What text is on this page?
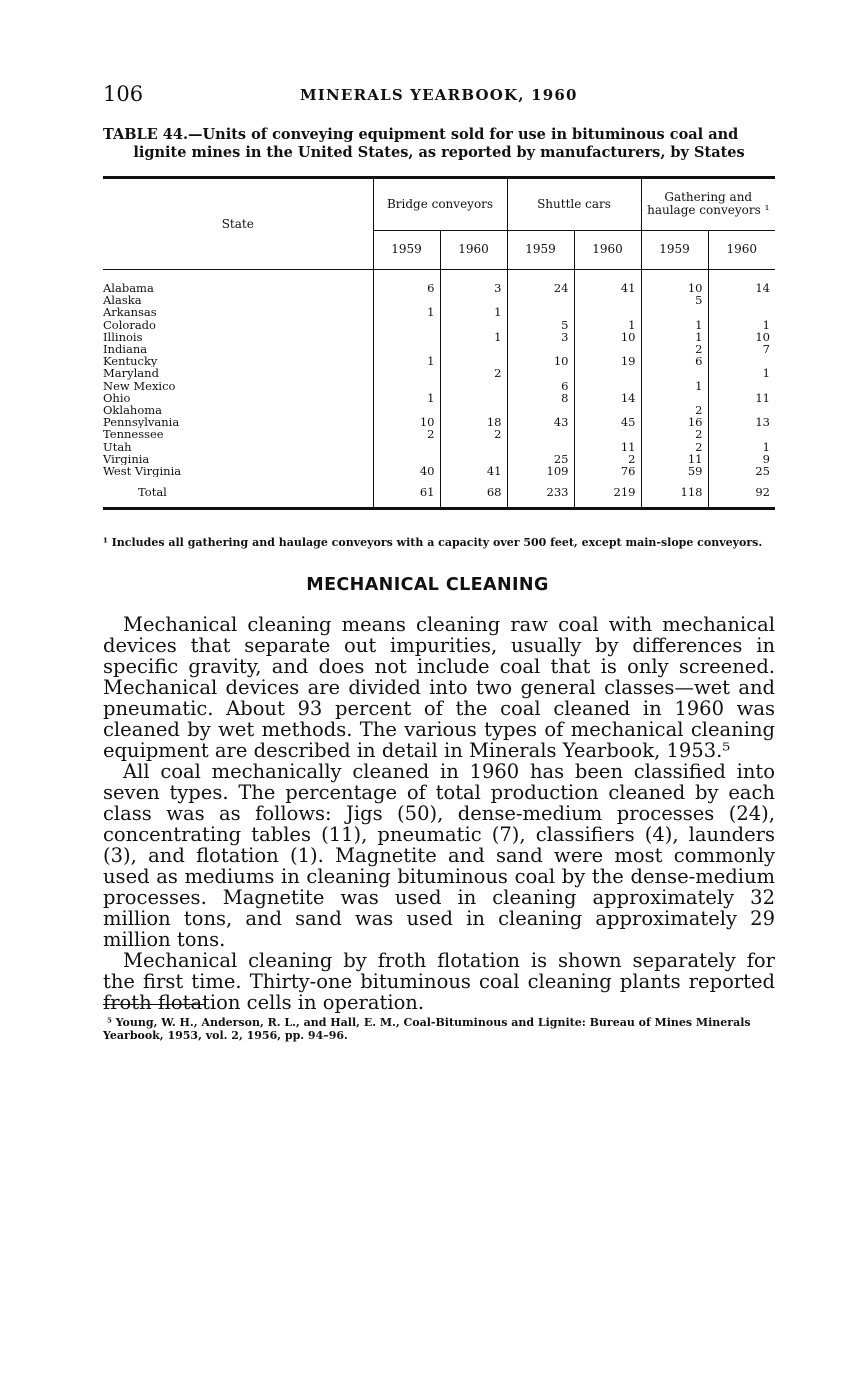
106	MINERALS YEARBOOK, 1960
TABLE 44.—Units of conveying equipment sold for use in bituminous coal and
lignite mines in the United States, as reported by manufacturers, by States
State	Bridge conveyors		Shuttle cars		Gathering and haulage conveyors ¹	
	1959	1960	1959	1960	1959	1960
Alabama	6	3	24	41	10	14
Alaska					5	
Arkansas	1	1				
Colorado			5	1	1	1
Illinois		1	3	10	1	10
Indiana					2	7
Kentucky	1		10	19	6	
Maryland		2				1
New Mexico			6		1	
Ohio	1		8	14		11
Oklahoma					2	
Pennsylvania	10	18	43	45	16	13
Tennessee	2	2			2	
Utah				11	2	1
Virginia			25	2	11	9
West Virginia	40	41	109	76	59	25
Total	61	68	233	219	118	92
¹ Includes all gathering and haulage conveyors with a capacity over 500 feet, except main-slope conveyors.
MECHANICAL CLEANING

Mechanical cleaning means cleaning raw coal with mechanical devices that separate out impurities, usually by differences in specific gravity, and does not include coal that is only screened. Mechanical devices are divided into two general classes—wet and pneumatic. About 93 percent of the coal cleaned in 1960 was cleaned by wet methods. The various types of mechanical cleaning equipment are described in detail in Minerals Yearbook, 1953.⁵

All coal mechanically cleaned in 1960 has been classified into seven types. The percentage of total production cleaned by each class was as follows: Jigs (50), dense-medium processes (24), concentrating tables (11), pneumatic (7), classifiers (4), launders (3), and flotation (1). Magnetite and sand were most commonly used as mediums in cleaning bituminous coal by the dense-medium processes. Magnetite was used in cleaning approximately 32 million tons, and sand was used in cleaning approximately 29 million tons.

Mechanical cleaning by froth flotation is shown separately for the first time. Thirty-one bituminous coal cleaning plants reported froth flotation cells in operation.

⁵ Young, W. H., Anderson, R. L., and Hall, E. M., Coal-Bituminous and Lignite: Bureau of Mines Minerals Yearbook, 1953, vol. 2, 1956, pp. 94–96.
